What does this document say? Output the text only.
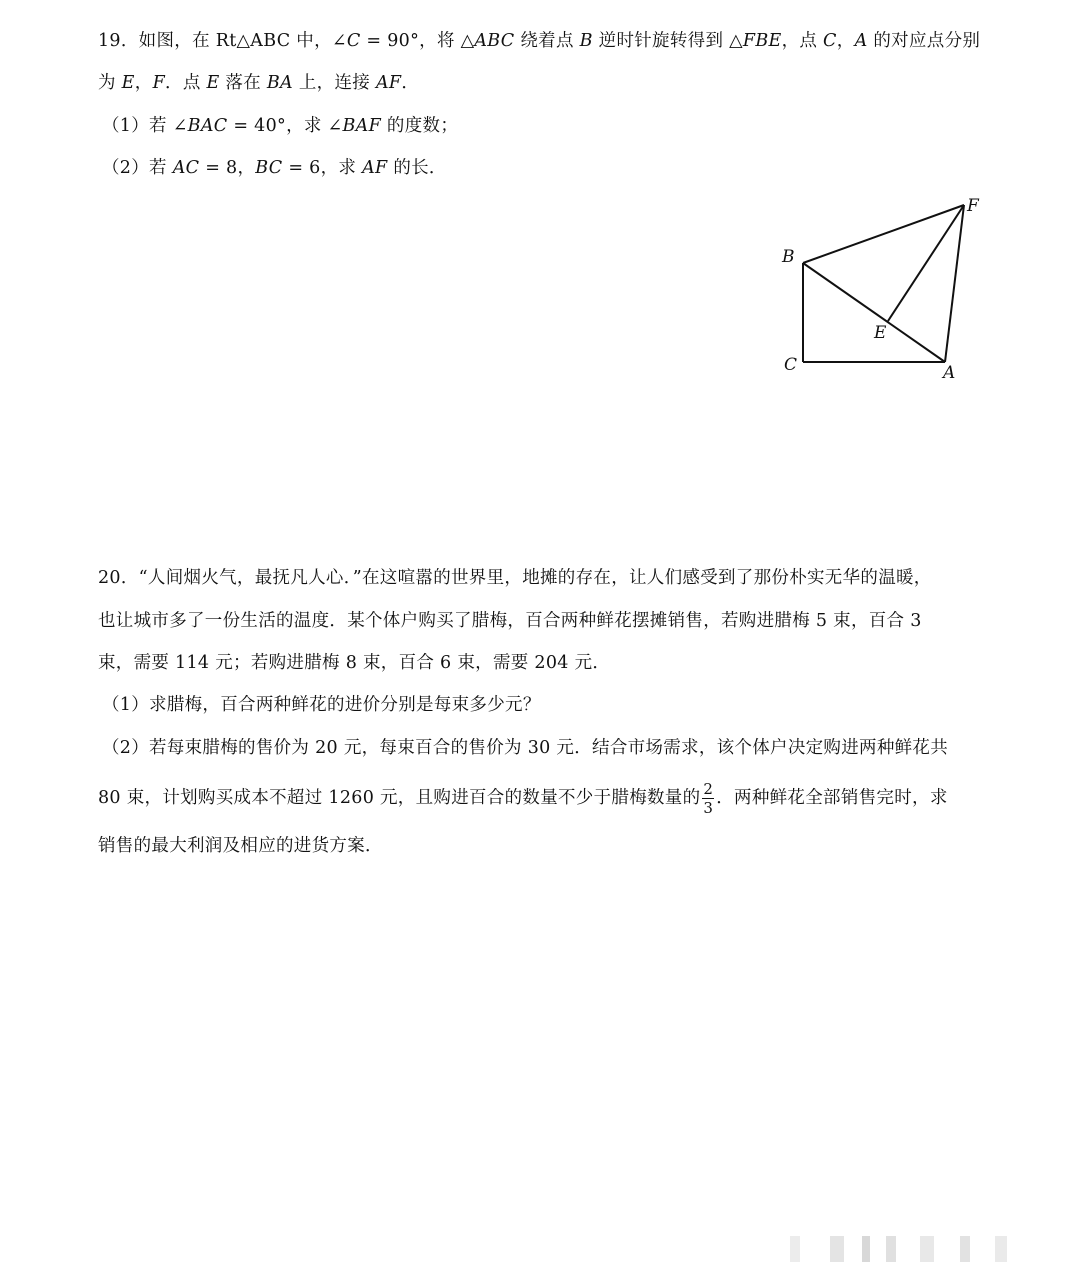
19．如图，在 Rt△ABC 中，∠C = 90°，将 △ABC 绕着点 B 逆时针旋转得到 △FBE，点 C，A 的对应点分别
为 E，F．点 E 落在 BA 上，连接 AF．
（1）若 ∠BAC = 40°，求 ∠BAF 的度数；
（2）若 AC = 8，BC = 6，求 AF 的长．
B
C	A
E
F
20．“人间烟火气，最抚凡人心．”在这喧嚣的世界里，地摊的存在，让人们感受到了那份朴实无华的温暖，
也让城市多了一份生活的温度．某个体户购买了腊梅，百合两种鲜花摆摊销售，若购进腊梅 5 束，百合 3
束，需要 114 元；若购进腊梅 8 束，百合 6 束，需要 204 元．
（1）求腊梅，百合两种鲜花的进价分别是每束多少元？
（2）若每束腊梅的售价为 20 元，每束百合的售价为 30 元．结合市场需求，该个体户决定购进两种鲜花共
80 束，计划购买成本不超过 1260 元，且购进百合的数量不少于腊梅数量的 $\frac{2}{3}$ ．两种鲜花全部销售完时，求
销售的最大利润及相应的进货方案．
